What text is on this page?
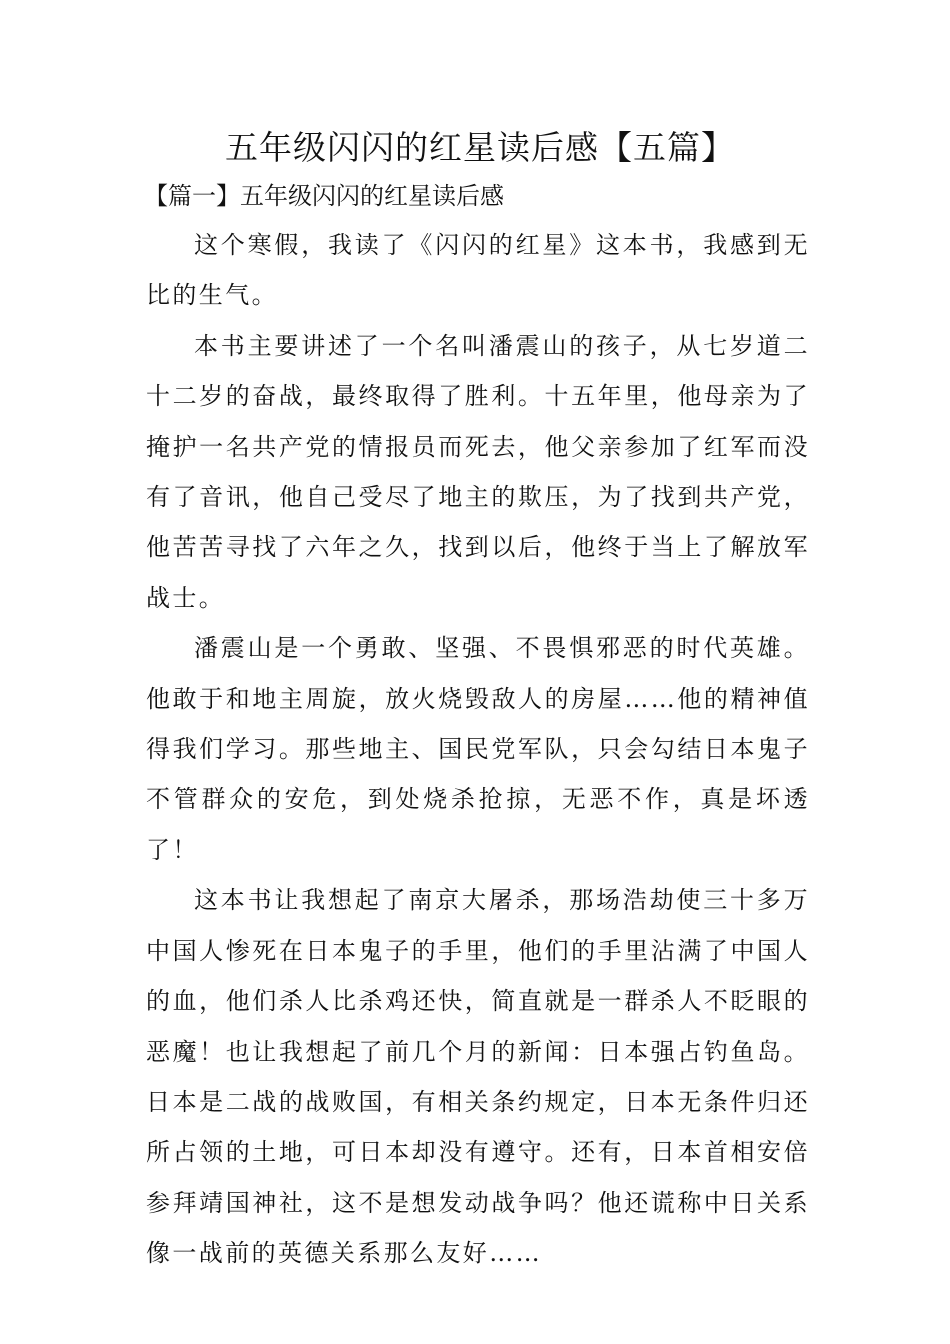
五年级闪闪的红星读后感【五篇】
【篇一】五年级闪闪的红星读后感

这个寒假，我读了《闪闪的红星》这本书，我感到无比的生气。

本书主要讲述了一个名叫潘震山的孩子，从七岁道二十二岁的奋战，最终取得了胜利。十五年里，他母亲为了掩护一名共产党的情报员而死去，他父亲参加了红军而没有了音讯，他自己受尽了地主的欺压，为了找到共产党，他苦苦寻找了六年之久，找到以后，他终于当上了解放军战士。

潘震山是一个勇敢、坚强、不畏惧邪恶的时代英雄。他敢于和地主周旋，放火烧毁敌人的房屋……他的精神值得我们学习。那些地主、国民党军队，只会勾结日本鬼子不管群众的安危，到处烧杀抢掠，无恶不作，真是坏透了！

这本书让我想起了南京大屠杀，那场浩劫使三十多万中国人惨死在日本鬼子的手里，他们的手里沾满了中国人的血，他们杀人比杀鸡还快，简直就是一群杀人不眨眼的恶魔！也让我想起了前几个月的新闻：日本强占钓鱼岛。日本是二战的战败国，有相关条约规定，日本无条件归还所占领的土地，可日本却没有遵守。还有，日本首相安倍参拜靖国神社，这不是想发动战争吗？他还谎称中日关系像一战前的英德关系那么友好……
